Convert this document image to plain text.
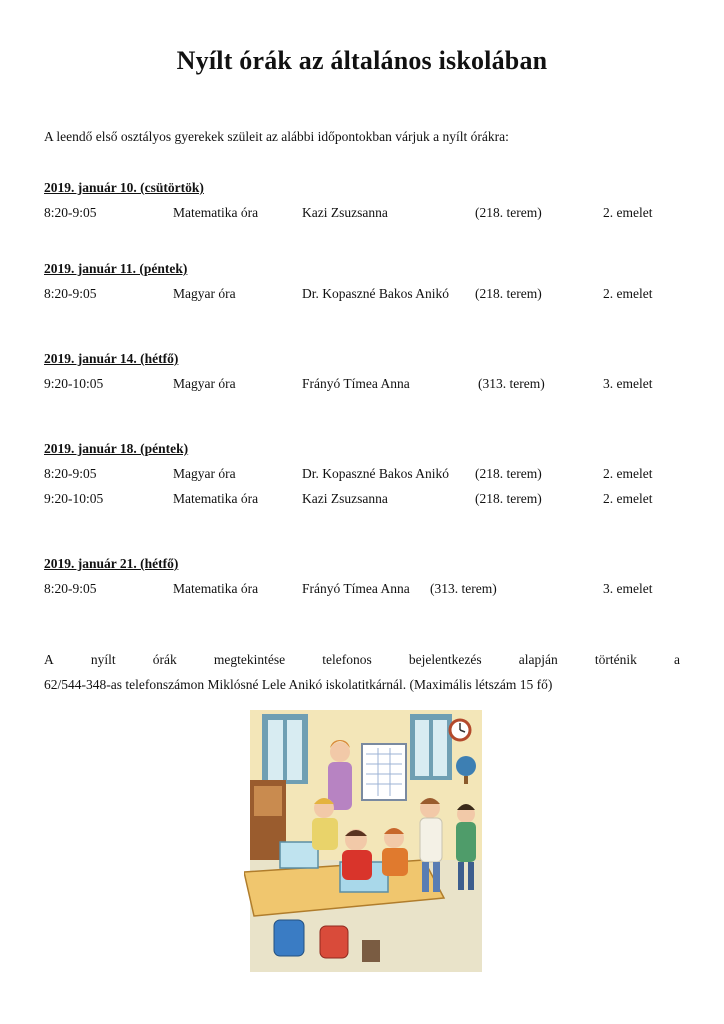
Nyílt órák az általános iskolában
A leendő első osztályos gyerekek szüleit az alábbi időpontokban várjuk a nyílt órákra:
2019. január 10. (csütörtök)
8:20-9:05	Matematika óra	Kazi Zsuzsanna	(218. terem)	2. emelet
2019. január 11. (péntek)
8:20-9:05	Magyar óra	Dr. Kopaszné Bakos Anikó (218. terem)	2. emelet
2019. január 14. (hétfő)
9:20-10:05	Magyar óra	Frányó Tímea Anna	(313. terem)	3. emelet
2019. január 18. (péntek)
8:20-9:05	Magyar óra	Dr. Kopaszné Bakos Anikó (218. terem)	2. emelet
9:20-10:05	Matematika óra	Kazi Zsuzsanna	(218. terem)	2. emelet
2019. január 21. (hétfő)
8:20-9:05	Matematika óra	Frányó Tímea Anna (313. terem)	3. emelet
A	nyílt	órák	megtekintése	telefonos	bejelentkezés	alapján	történik	a
62/544-348-as telefonszámon Miklósné Lele Anikó iskolatitkárnál. (Maximális létszám 15 fő)
